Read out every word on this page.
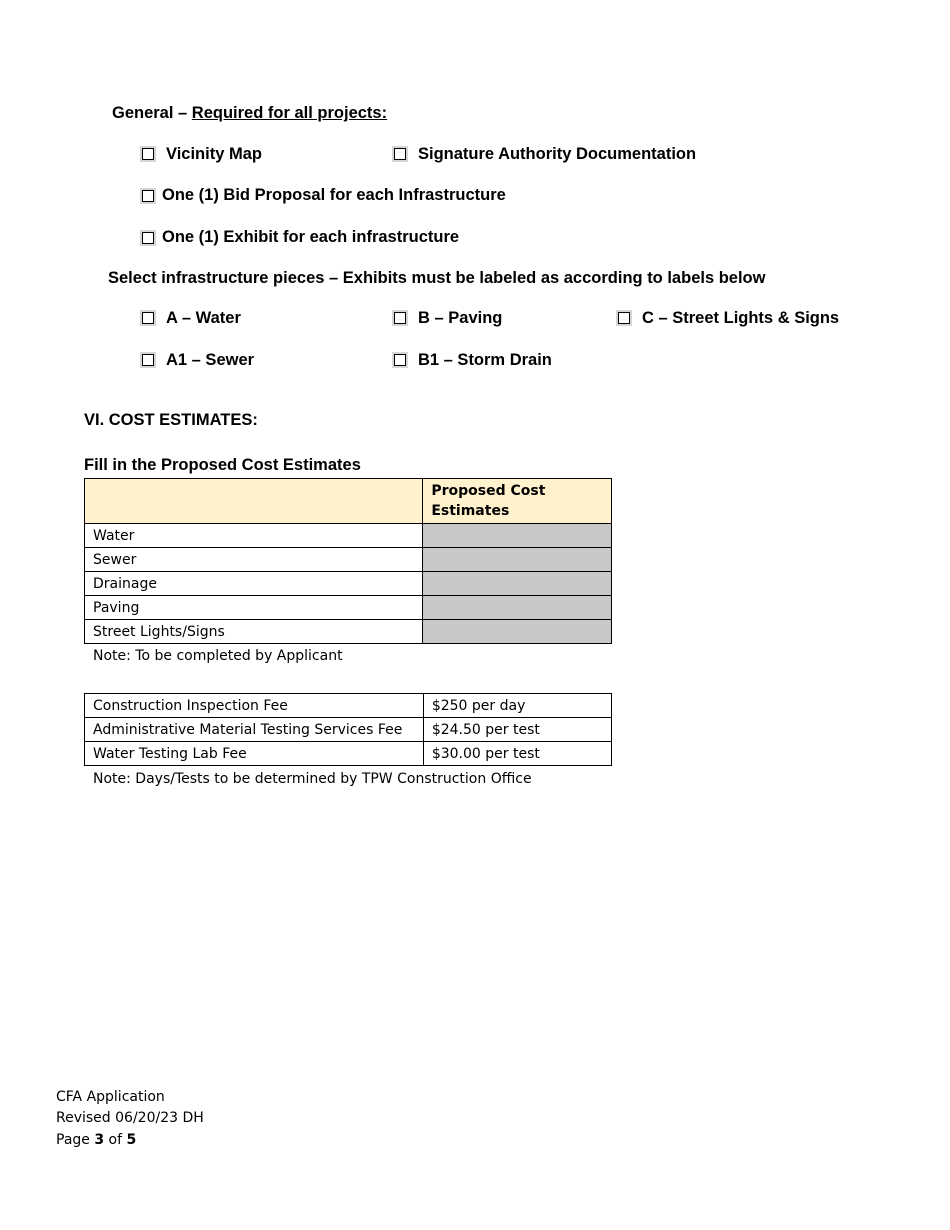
General – Required for all projects:
Vicinity Map	Signature Authority Documentation
One (1) Bid Proposal for each Infrastructure
One (1) Exhibit for each infrastructure
Select infrastructure pieces – Exhibits must be labeled as according to labels below
A – Water	B – Paving	C – Street Lights & Signs
A1 – Sewer	B1 – Storm Drain
VI. COST ESTIMATES:
Fill in the Proposed Cost Estimates
	Proposed Cost Estimates
Water	
Sewer	
Drainage	
Paving	
Street Lights/Signs	
Note: To be completed by Applicant
Construction Inspection Fee	$250 per day
Administrative Material Testing Services Fee	$24.50 per test
Water Testing Lab Fee	$30.00 per test
Note: Days/Tests to be determined by TPW Construction Office
CFA Application
Revised 06/20/23 DH
Page 3 of 5
